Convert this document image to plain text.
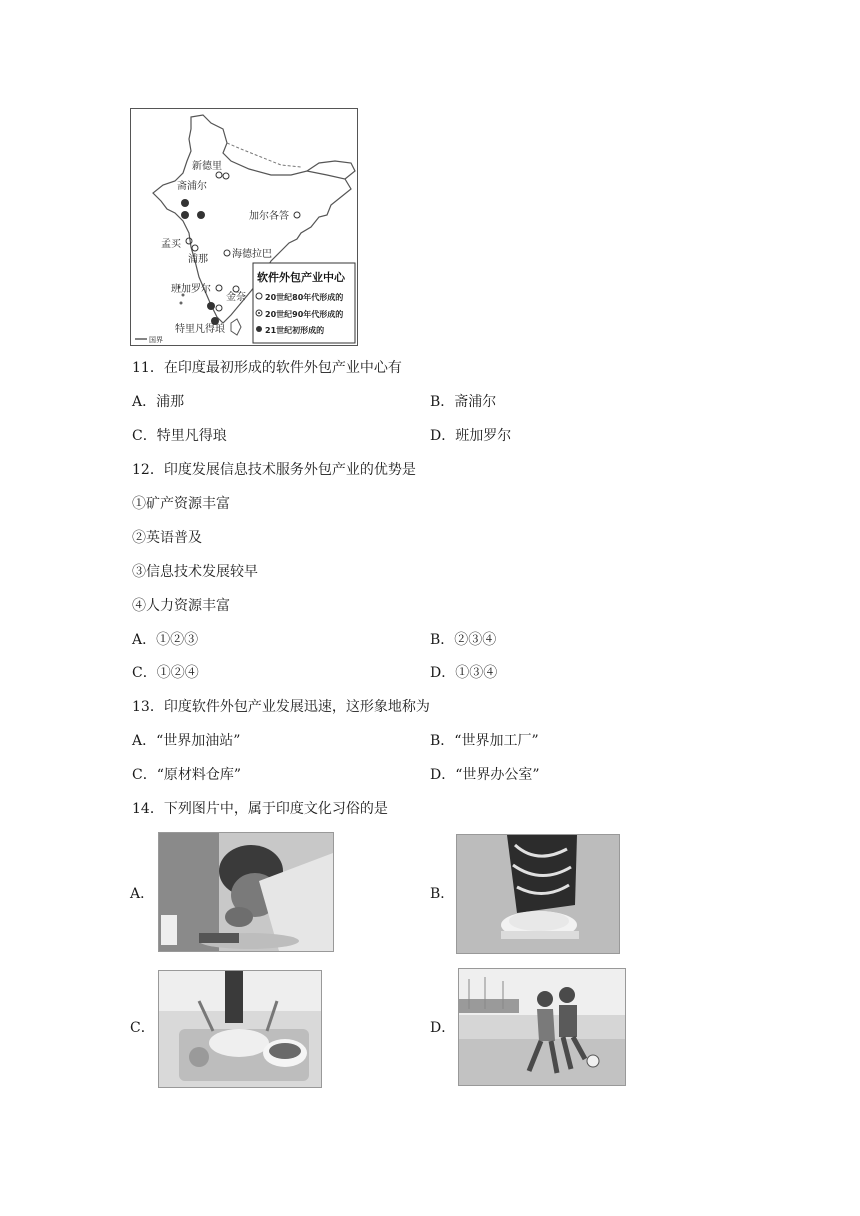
新德里
斋浦尔
加尔各答
孟买
浦那 海德拉巴
班加罗尔
金奈
特里凡得琅
国界
软件外包产业中心
20世纪80年代形成的
20世纪90年代形成的
21世纪初形成的
11．在印度最初形成的软件外包产业中心有
A．浦那	B．斋浦尔
C．特里凡得琅	D．班加罗尔
12．印度发展信息技术服务外包产业的优势是
①矿产资源丰富
②英语普及
③信息技术发展较早
④人力资源丰富
A．①②③	B．②③④
C．①②④	D．①③④
13．印度软件外包产业发展迅速，这形象地称为
A．“世界加油站”	B．“世界加工厂”
C．“原材料仓库”	D．“世界办公室”
14．下列图片中，属于印度文化习俗的是
A．	B．
C．	D．
